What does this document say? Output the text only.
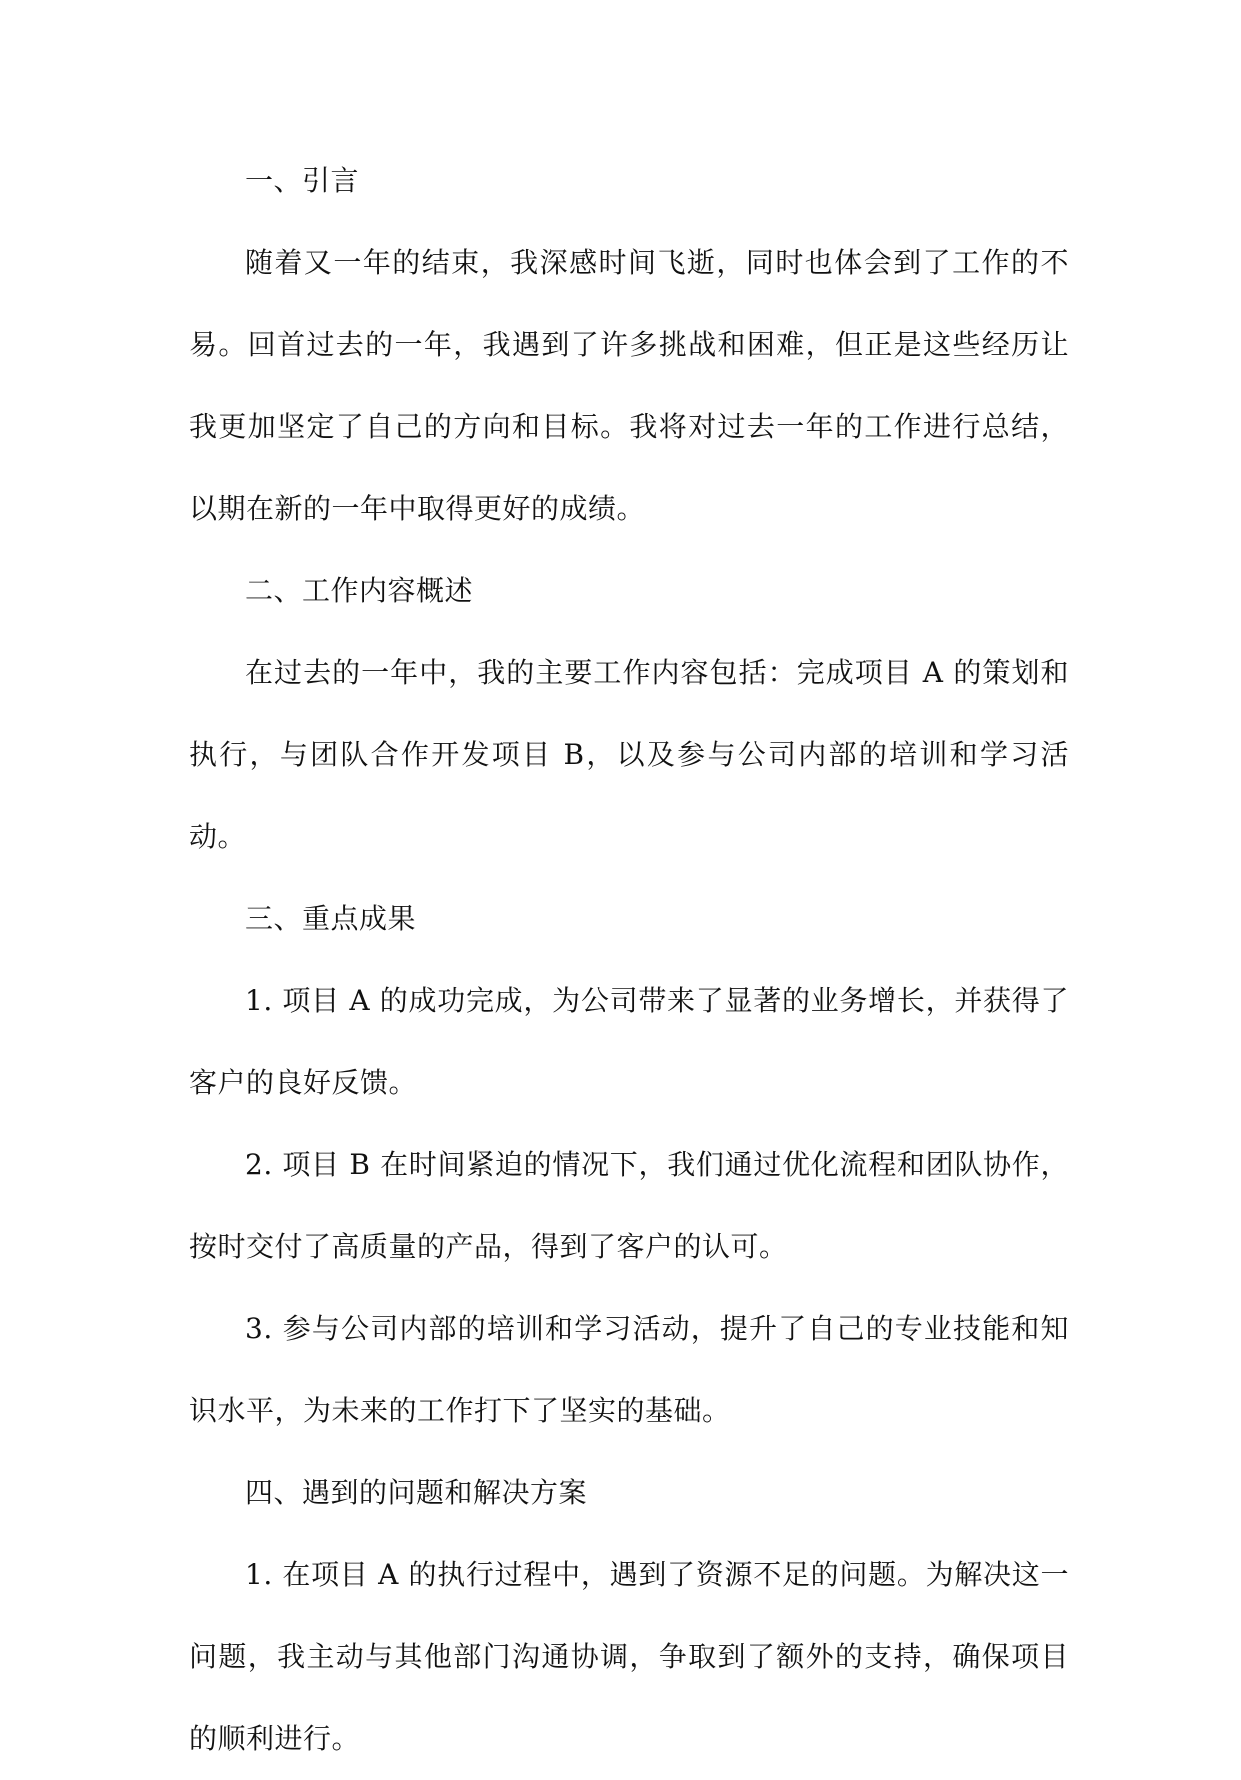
一、引言

随着又一年的结束，我深感时间飞逝，同时也体会到了工作的不易。回首过去的一年，我遇到了许多挑战和困难，但正是这些经历让我更加坚定了自己的方向和目标。我将对过去一年的工作进行总结，以期在新的一年中取得更好的成绩。

二、工作内容概述

在过去的一年中，我的主要工作内容包括：完成项目 A 的策划和执行，与团队合作开发项目 B，以及参与公司内部的培训和学习活动。

三、重点成果

1. 项目 A 的成功完成，为公司带来了显著的业务增长，并获得了客户的良好反馈。

2. 项目 B 在时间紧迫的情况下，我们通过优化流程和团队协作，按时交付了高质量的产品，得到了客户的认可。

3. 参与公司内部的培训和学习活动，提升了自己的专业技能和知识水平，为未来的工作打下了坚实的基础。

四、遇到的问题和解决方案

1. 在项目 A 的执行过程中，遇到了资源不足的问题。为解决这一问题，我主动与其他部门沟通协调，争取到了额外的支持，确保项目的顺利进行。
